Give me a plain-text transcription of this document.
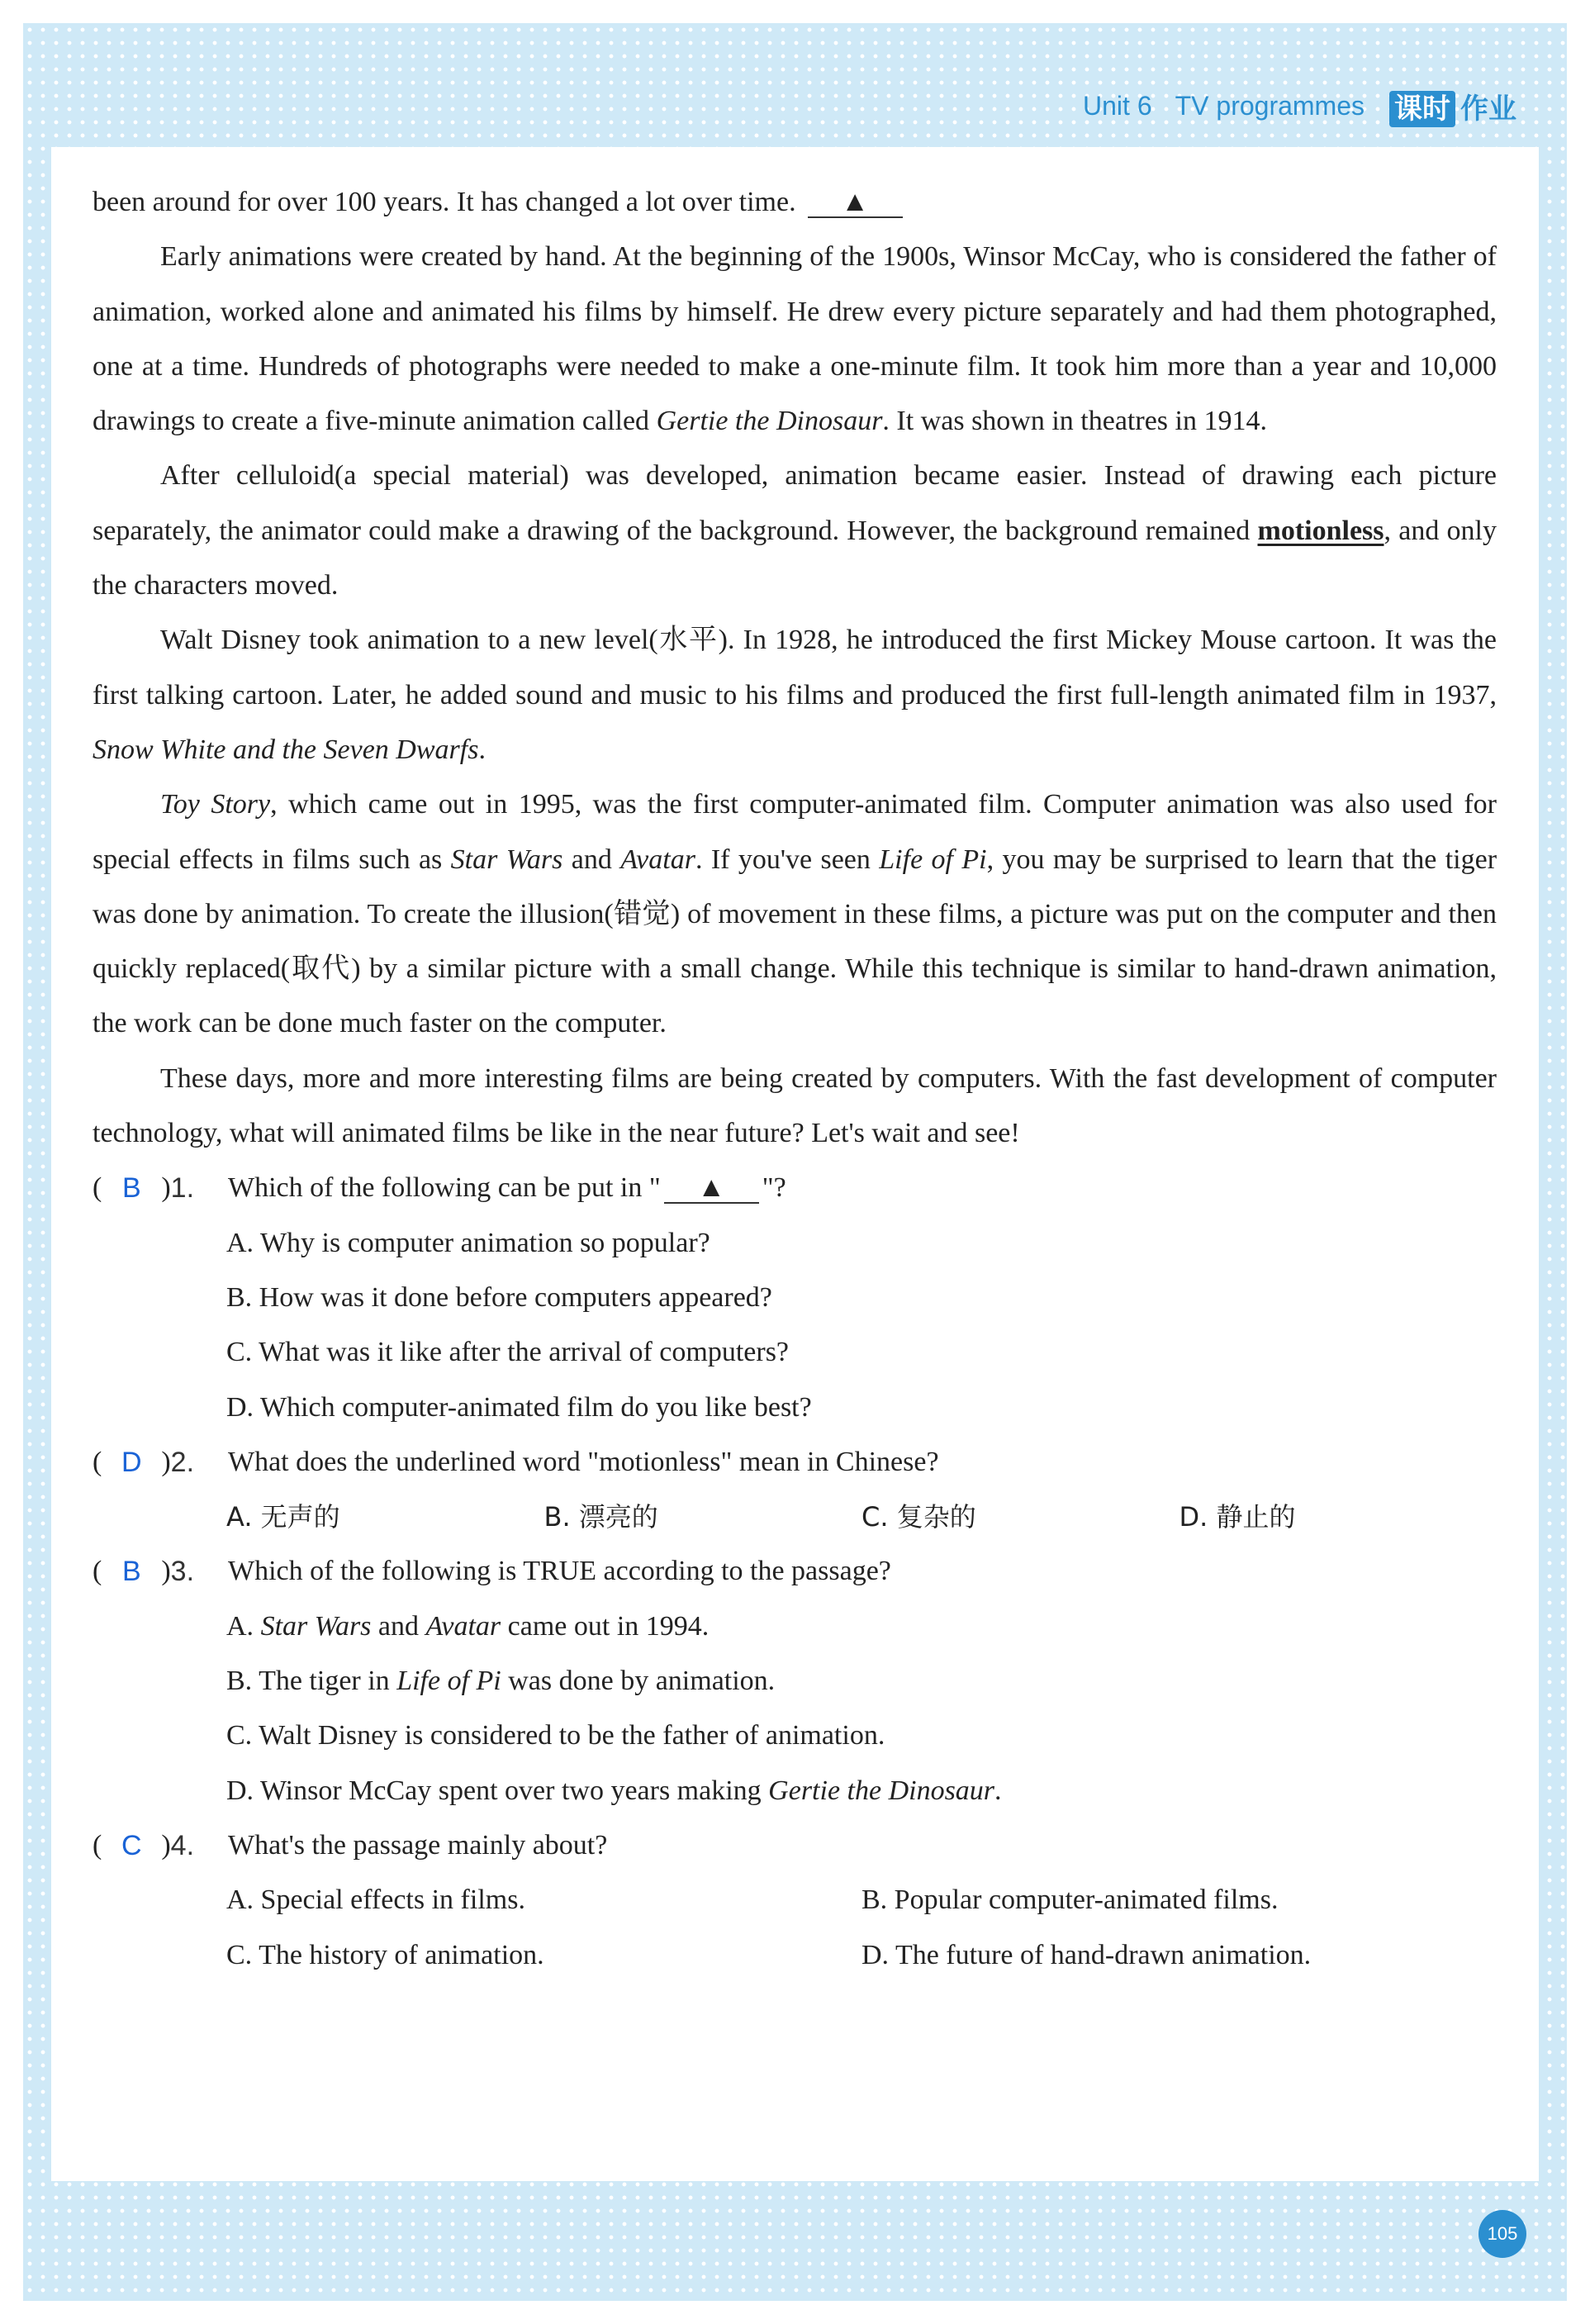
Unit 6 TV programmes	课时 作业

been around for over 100 years. It has changed a lot over time. ▲

Early animations were created by hand. At the beginning of the 1900s, Winsor McCay, who is considered the father of animation, worked alone and animated his films by himself. He drew every picture separately and had them photographed, one at a time. Hundreds of photographs were needed to make a one-minute film. It took him more than a year and 10,000 drawings to create a five-minute animation called Gertie the Dinosaur. It was shown in theatres in 1914.

After celluloid(a special material) was developed, animation became easier. Instead of drawing each picture separately, the animator could make a drawing of the background. However, the background remained motionless, and only the characters moved.

Walt Disney took animation to a new level(水平). In 1928, he introduced the first Mickey Mouse cartoon. It was the first talking cartoon. Later, he added sound and music to his films and produced the first full-length animated film in 1937, Snow White and the Seven Dwarfs.

Toy Story, which came out in 1995, was the first computer-animated film. Computer animation was also used for special effects in films such as Star Wars and Avatar. If you've seen Life of Pi, you may be surprised to learn that the tiger was done by animation. To create the illusion(错觉) of movement in these films, a picture was put on the computer and then quickly replaced(取代) by a similar picture with a small change. While this technique is similar to hand-drawn animation, the work can be done much faster on the computer.

These days, more and more interesting films are being created by computers. With the fast development of computer technology, what will animated films be like in the near future? Let's wait and see!

( B ) 1. Which of the following can be put in " ▲ "?
A. Why is computer animation so popular?
B. How was it done before computers appeared?
C. What was it like after the arrival of computers?
D. Which computer-animated film do you like best?
( D ) 2. What does the underlined word "motionless" mean in Chinese?
A. 无声的	B. 漂亮的	C. 复杂的	D. 静止的
( B ) 3. Which of the following is TRUE according to the passage?
A. Star Wars and Avatar came out in 1994.
B. The tiger in Life of Pi was done by animation.
C. Walt Disney is considered to be the father of animation.
D. Winsor McCay spent over two years making Gertie the Dinosaur.
( C ) 4. What's the passage mainly about?
A. Special effects in films.	B. Popular computer-animated films.
C. The history of animation.	D. The future of hand-drawn animation.
105
